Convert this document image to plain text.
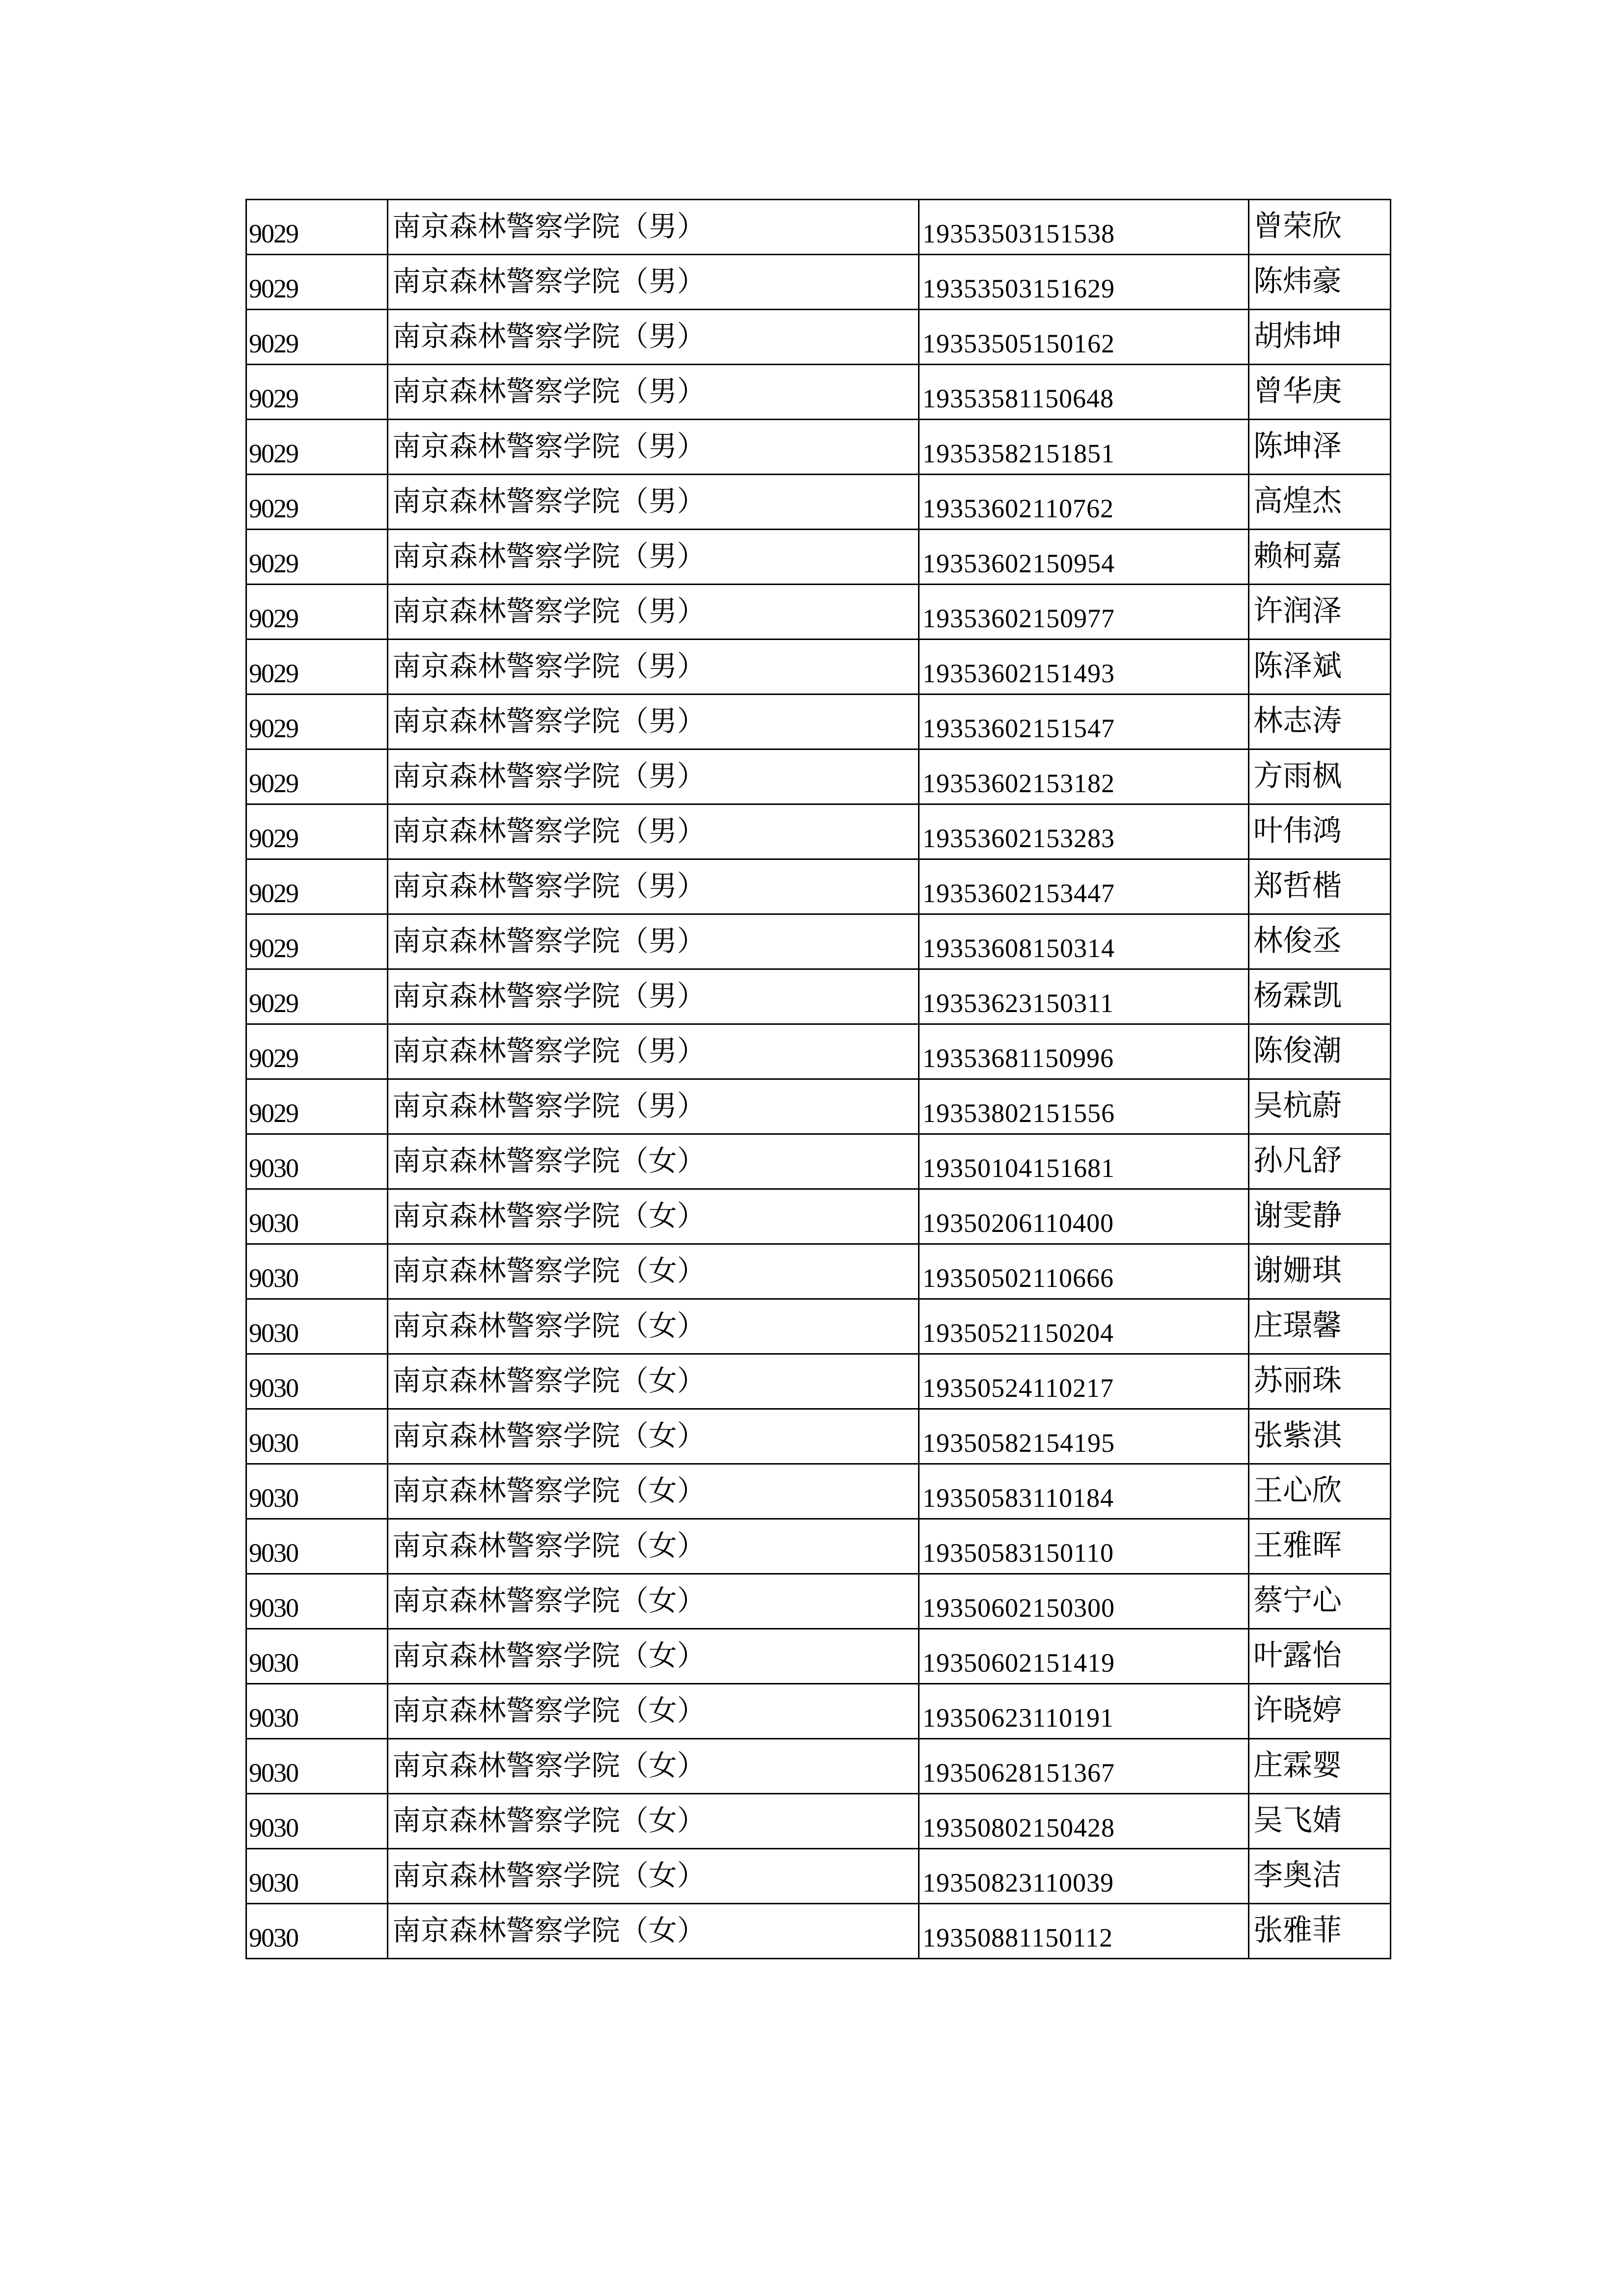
9029	南京森林警察学院（男）	19353503151538	曾荣欣
9029	南京森林警察学院（男）	19353503151629	陈炜豪
9029	南京森林警察学院（男）	19353505150162	胡炜坤
9029	南京森林警察学院（男）	19353581150648	曾华庚
9029	南京森林警察学院（男）	19353582151851	陈坤泽
9029	南京森林警察学院（男）	19353602110762	高煌杰
9029	南京森林警察学院（男）	19353602150954	赖柯嘉
9029	南京森林警察学院（男）	19353602150977	许润泽
9029	南京森林警察学院（男）	19353602151493	陈泽斌
9029	南京森林警察学院（男）	19353602151547	林志涛
9029	南京森林警察学院（男）	19353602153182	方雨枫
9029	南京森林警察学院（男）	19353602153283	叶伟鸿
9029	南京森林警察学院（男）	19353602153447	郑哲楷
9029	南京森林警察学院（男）	19353608150314	林俊丞
9029	南京森林警察学院（男）	19353623150311	杨霖凯
9029	南京森林警察学院（男）	19353681150996	陈俊潮
9029	南京森林警察学院（男）	19353802151556	吴杭蔚
9030	南京森林警察学院（女）	19350104151681	孙凡舒
9030	南京森林警察学院（女）	19350206110400	谢雯静
9030	南京森林警察学院（女）	19350502110666	谢姗琪
9030	南京森林警察学院（女）	19350521150204	庄璟馨
9030	南京森林警察学院（女）	19350524110217	苏丽珠
9030	南京森林警察学院（女）	19350582154195	张紫淇
9030	南京森林警察学院（女）	19350583110184	王心欣
9030	南京森林警察学院（女）	19350583150110	王雅晖
9030	南京森林警察学院（女）	19350602150300	蔡宁心
9030	南京森林警察学院（女）	19350602151419	叶露怡
9030	南京森林警察学院（女）	19350623110191	许晓婷
9030	南京森林警察学院（女）	19350628151367	庄霖婴
9030	南京森林警察学院（女）	19350802150428	吴飞婧
9030	南京森林警察学院（女）	19350823110039	李奥洁
9030	南京森林警察学院（女）	19350881150112	张雅菲
